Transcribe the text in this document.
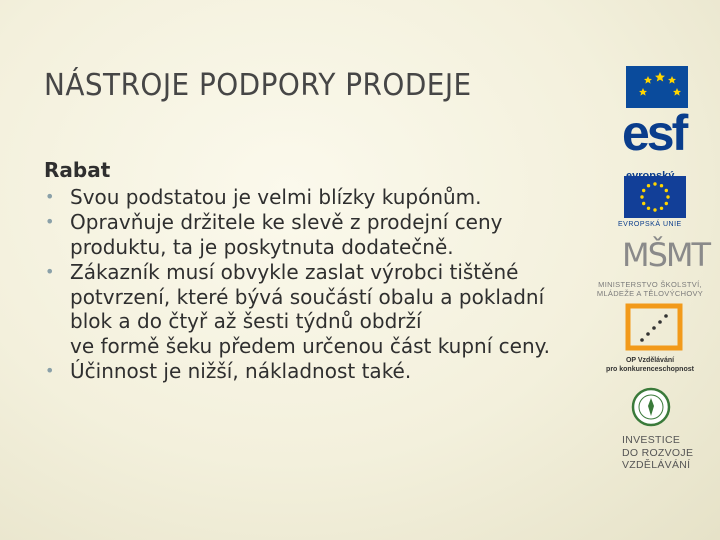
NÁSTROJE PODPORY PRODEJE
Rabat
• Svou podstatou je velmi blízky kupónům.
• Opravňuje držitele ke slevě z prodejní ceny
produktu, ta je poskytnuta dodatečně.
• Zákazník musí obvykle zaslat výrobci tištěné
potvrzení, které bývá součástí obalu a pokladní
blok a do čtyř až šesti týdnů obdrží
ve formě šeku předem určenou část kupní ceny.
• Účinnost je nižší, nákladnost také.
esf
EVROPSKÁ UNIE
MŠMT
MINISTERSTVO ŠKOLSTVÍ,
MLÁDEŽE A TĚLOVÝCHOVY
OP Vzdělávání
pro konkurenceschopnost
INVESTICE
DO ROZVOJE
VZDĚLÁVÁNÍ
